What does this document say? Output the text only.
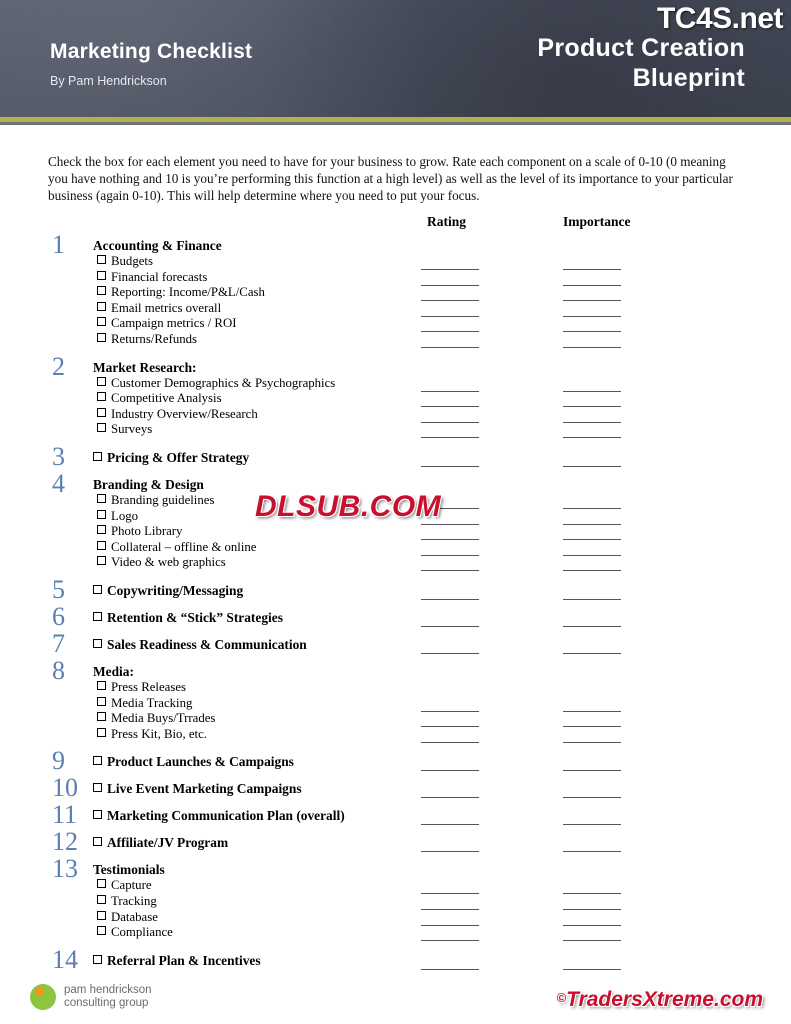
TC4S.net
Marketing Checklist
By Pam Hendrickson
Product Creation
Blueprint
Check the box for each element you need to have for your business to grow. Rate each component on a scale of 0-10 (0 meaning you have nothing and 10 is you’re performing this function at a high level) as well as the level of its importance to your particular business (again 0-10). This will help determine where you need to put your focus.
Rating	Importance
1	Accounting & Finance
Budgets
Financial forecasts
Reporting: Income/P&L/Cash
Email metrics overall
Campaign metrics / ROI
Returns/Refunds
2	Market Research:
Customer Demographics & Psychographics
Competitive Analysis
Industry Overview/Research
Surveys
3	Pricing & Offer Strategy
4	Branding & Design
Branding guidelines
Logo
Photo Library
Collateral – offline & online
Video & web graphics
5	Copywriting/Messaging
6	Retention & “Stick” Strategies
7	Sales Readiness & Communication
8	Media:
Press Releases
Media Tracking
Media Buys/Trrades
Press Kit, Bio, etc.
9	Product Launches & Campaigns
10	Live Event Marketing Campaigns
11	Marketing Communication Plan (overall)
12	Affiliate/JV Program
13	Testimonials
Capture
Tracking
Database
Compliance
14	Referral Plan & Incentives
DLSUB.COM
pam hendrickson
consulting group	©TradersXtreme.com
